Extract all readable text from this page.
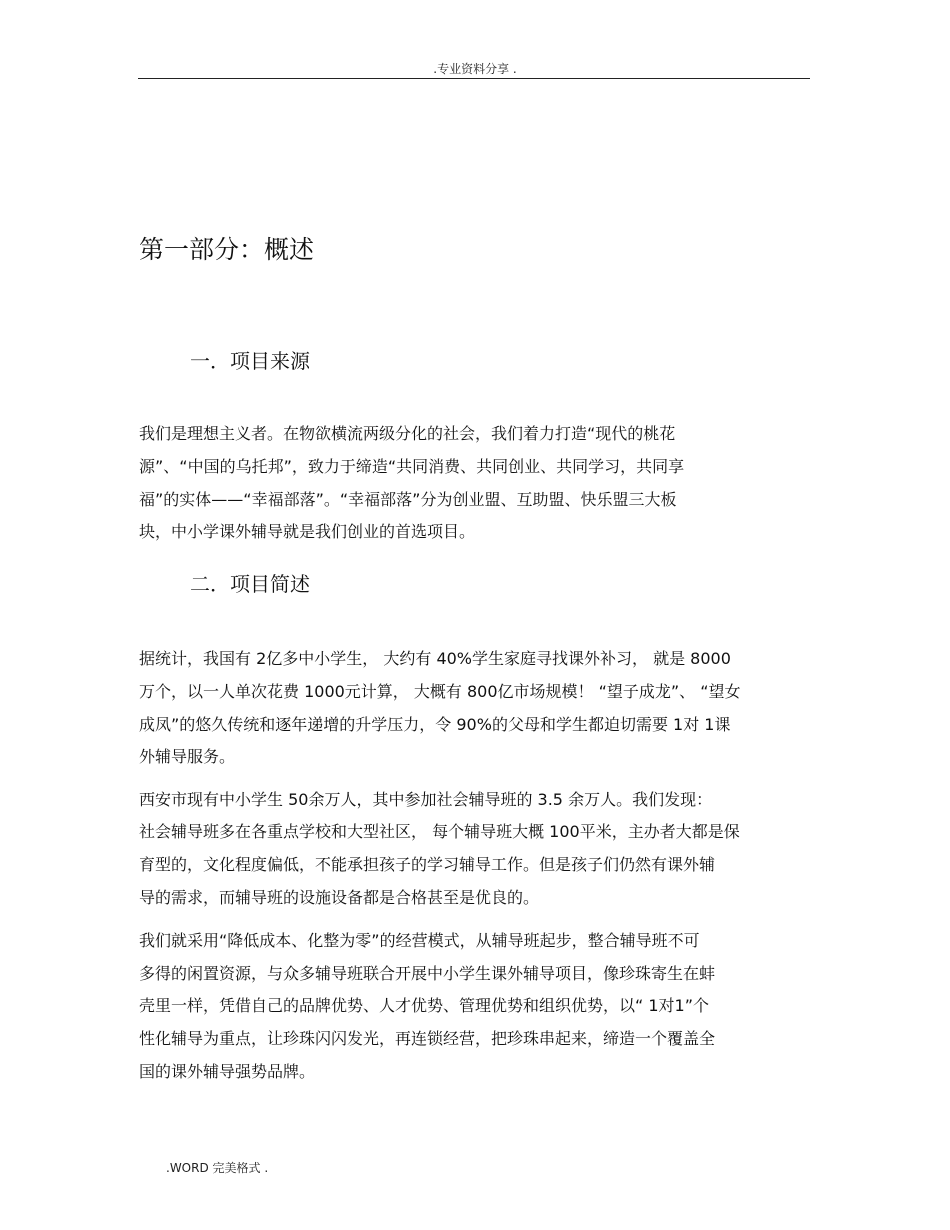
.专业资料分享 .
第一部分：概述
一．项目来源
我们是理想主义者。在物欲横流两级分化的社会，我们着力打造“现代的桃花
源”、“中国的乌托邦”，致力于缔造“共同消费、共同创业、共同学习，共同享
福”的实体——“幸福部落”。“幸福部落”分为创业盟、互助盟、快乐盟三大板
块，中小学课外辅导就是我们创业的首选项目。
二．项目简述
据统计，我国有 2亿多中小学生， 大约有 40%学生家庭寻找课外补习， 就是 8000
万个，以一人单次花费 1000元计算， 大概有 800亿市场规模！ “望子成龙”、 “望女
成凤”的悠久传统和逐年递增的升学压力，令 90%的父母和学生都迫切需要 1对 1课
外辅导服务。
西安市现有中小学生 50余万人，其中参加社会辅导班的 3.5 余万人。我们发现：
社会辅导班多在各重点学校和大型社区， 每个辅导班大概 100平米，主办者大都是保
育型的，文化程度偏低，不能承担孩子的学习辅导工作。但是孩子们仍然有课外辅
导的需求，而辅导班的设施设备都是合格甚至是优良的。
我们就采用“降低成本、化整为零”的经营模式，从辅导班起步，整合辅导班不可
多得的闲置资源，与众多辅导班联合开展中小学生课外辅导项目，像珍珠寄生在蚌
壳里一样，凭借自己的品牌优势、人才优势、管理优势和组织优势，以“ 1对1”个
性化辅导为重点，让珍珠闪闪发光，再连锁经营，把珍珠串起来，缔造一个覆盖全
国的课外辅导强势品牌。
.WORD 完美格式 .
